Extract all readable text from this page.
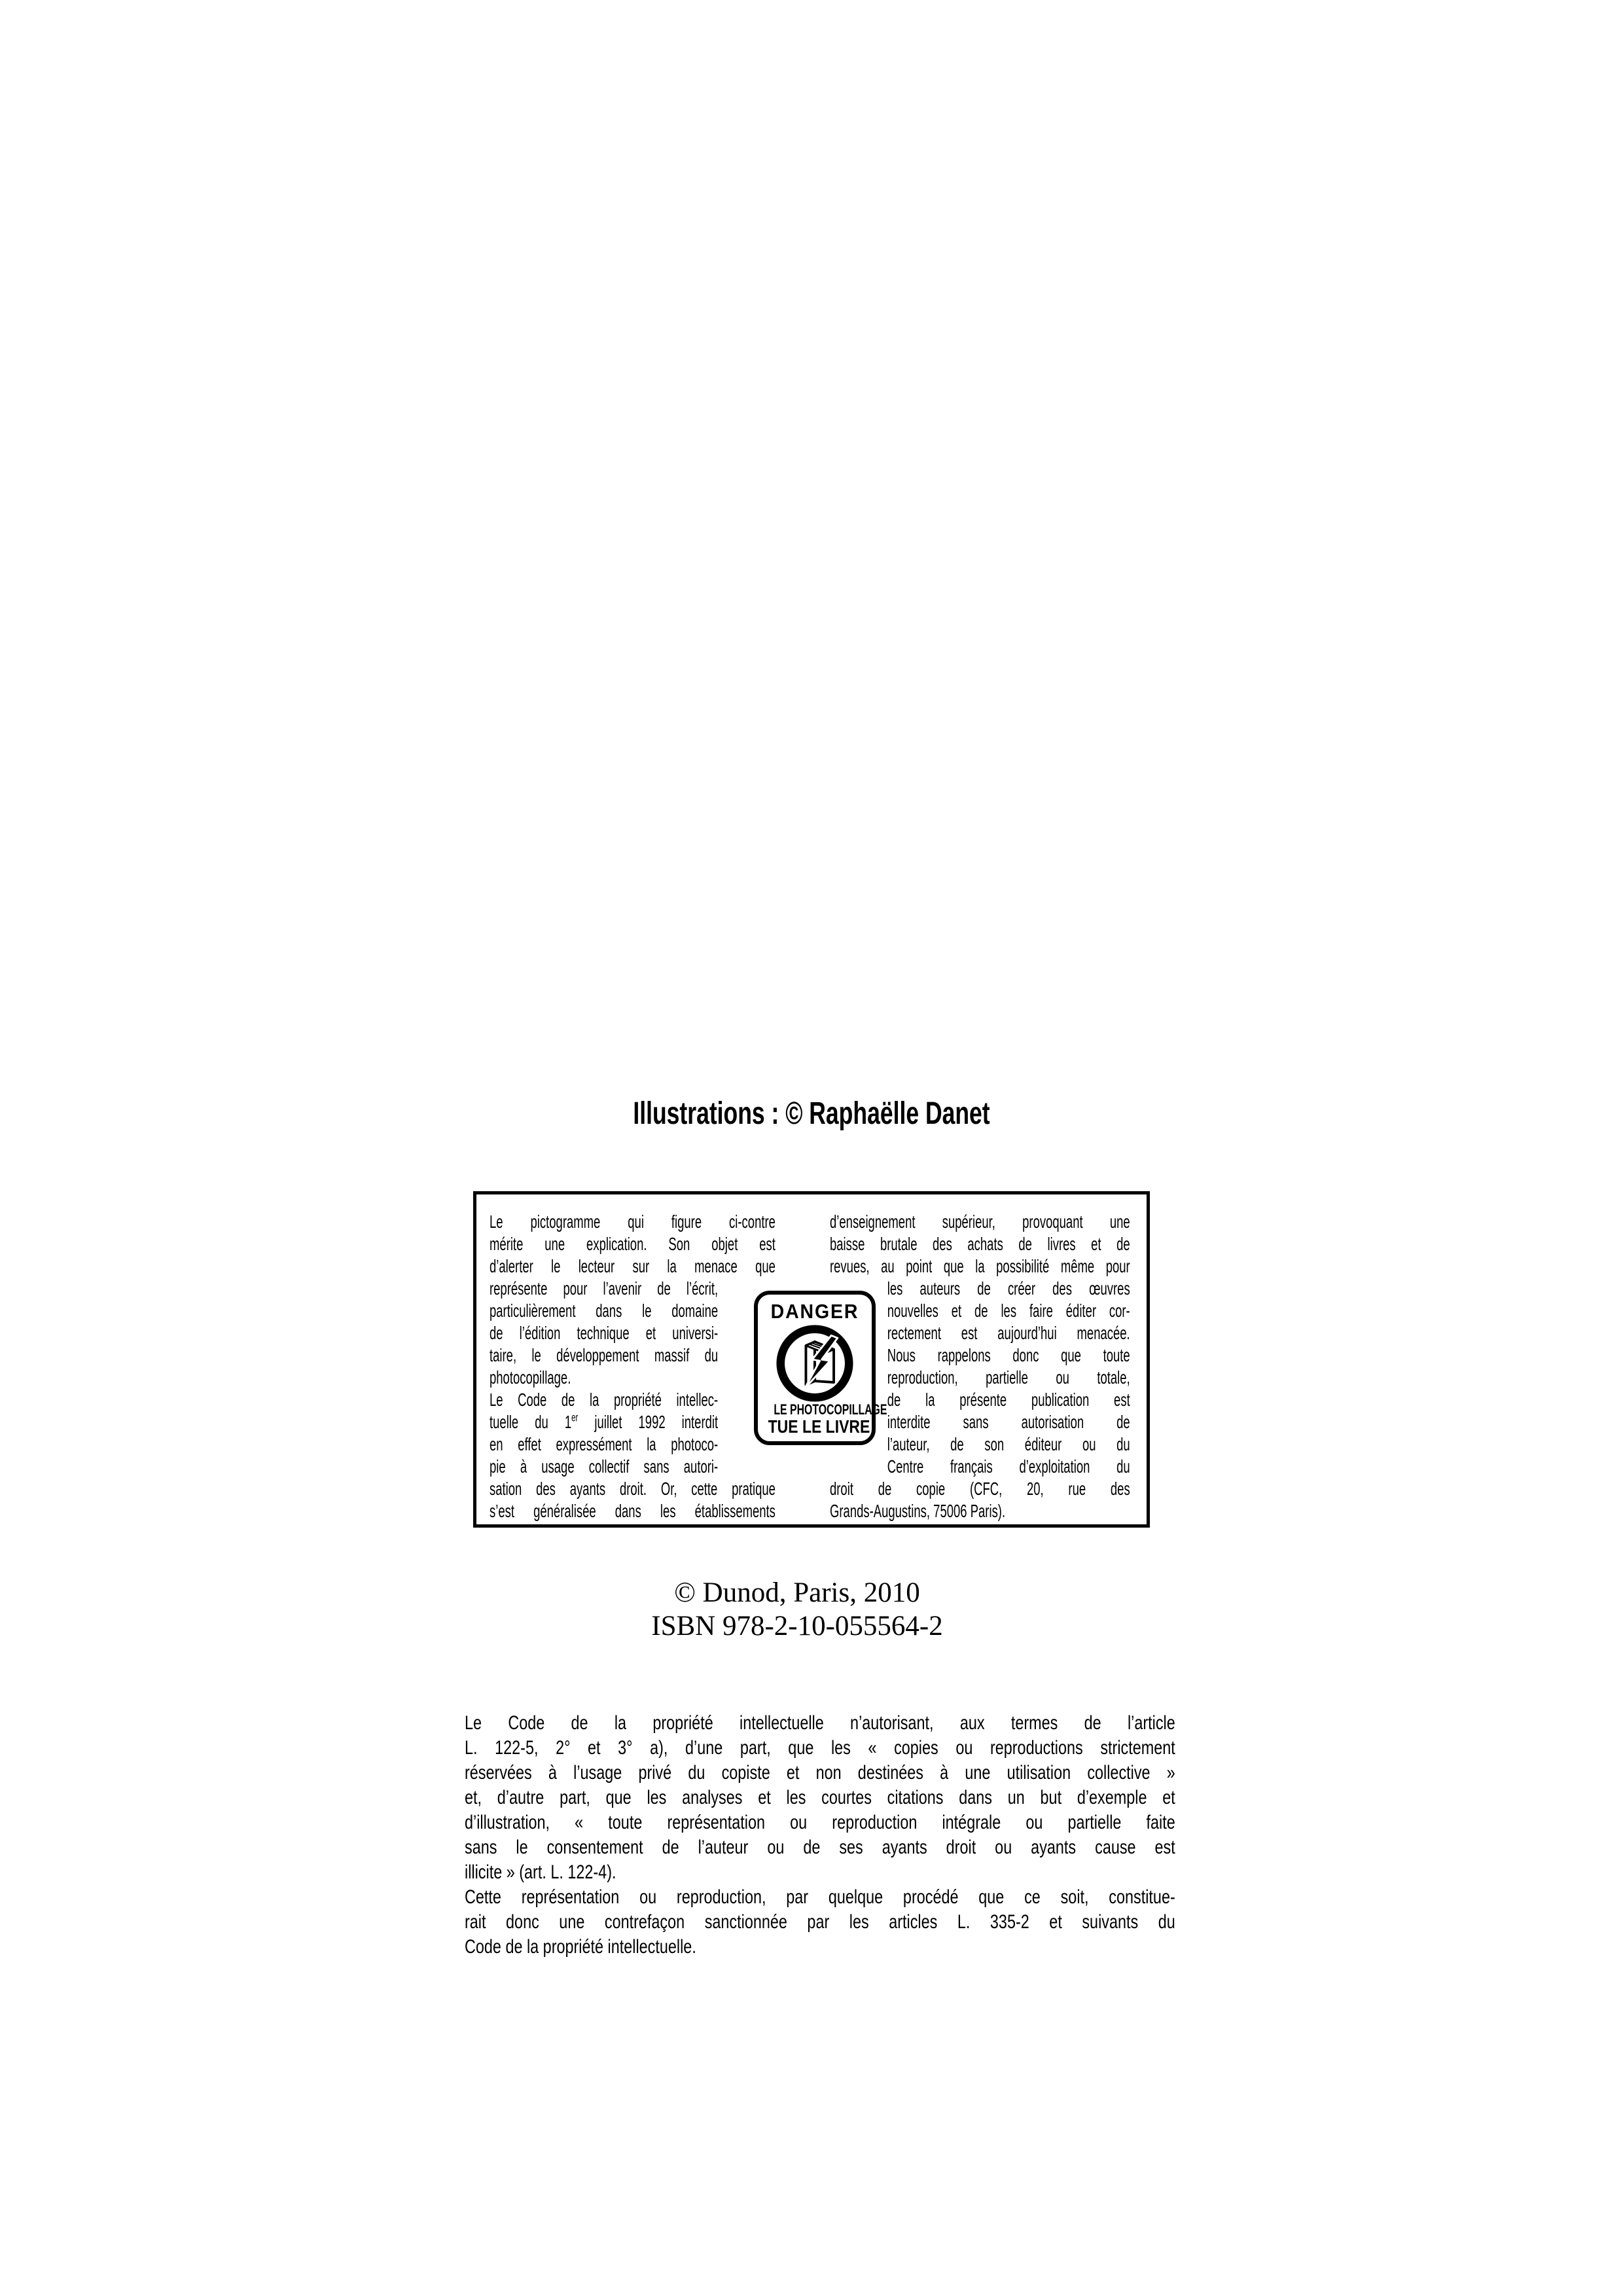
Illustrations : © Raphaëlle Danet
Le pictogramme qui figure ci-contre
mérite une explication. Son objet est
d’alerter le lecteur sur la menace que
représente pour l’avenir de l’écrit,
particulièrement dans le domaine
de l’édition technique et universi-
taire, le développement massif du
photocopillage.
Le Code de la propriété intellec-
tuelle du 1er juillet 1992 interdit
en effet expressément la photoco-
pie à usage collectif sans autori-
sation des ayants droit. Or, cette pratique
s’est généralisée dans les établissements
d’enseignement supérieur, provoquant une
baisse brutale des achats de livres et de
revues, au point que la possibilité même pour
les auteurs de créer des œuvres
nouvelles et de les faire éditer cor-
rectement est aujourd’hui menacée.
Nous rappelons donc que toute
reproduction, partielle ou totale,
de la présente publication est
interdite sans autorisation de
l’auteur, de son éditeur ou du
Centre français d’exploitation du
droit de copie (CFC, 20, rue des
Grands-Augustins, 75006 Paris).
DANGER
LE PHOTOCOPILLAGE
TUE LE LIVRE
© Dunod, Paris, 2010
ISBN 978-2-10-055564-2
Le Code de la propriété intellectuelle n’autorisant, aux termes de l’article
L. 122-5, 2° et 3° a), d’une part, que les « copies ou reproductions strictement
réservées à l’usage privé du copiste et non destinées à une utilisation collective »
et, d’autre part, que les analyses et les courtes citations dans un but d’exemple et
d’illustration, « toute représentation ou reproduction intégrale ou partielle faite
sans le consentement de l’auteur ou de ses ayants droit ou ayants cause est
illicite » (art. L. 122-4).
Cette représentation ou reproduction, par quelque procédé que ce soit, constitue-
rait donc une contrefaçon sanctionnée par les articles L. 335-2 et suivants du
Code de la propriété intellectuelle.
